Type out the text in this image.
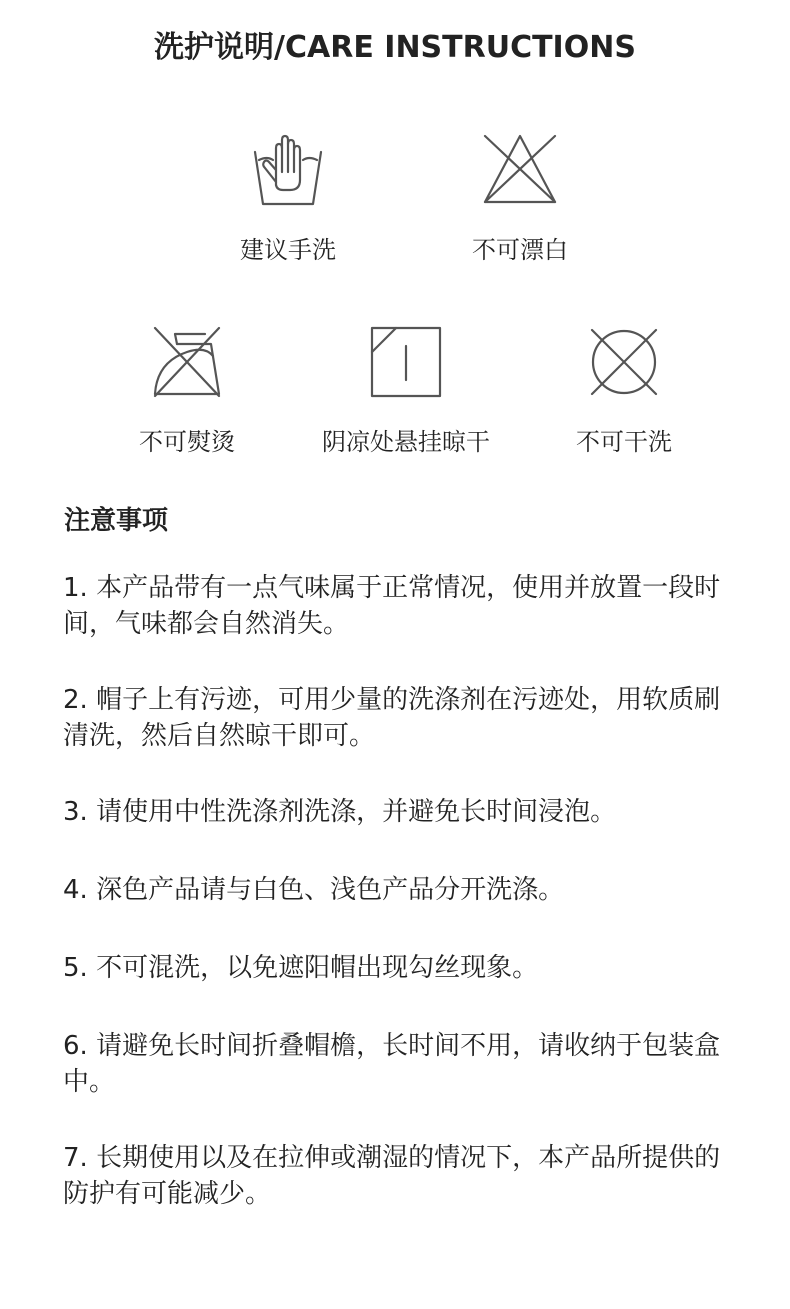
洗护说明/CARE INSTRUCTIONS
建议手洗	不可漂白
不可熨烫	阴凉处悬挂晾干	不可干洗
注意事项
1. 本产品带有一点气味属于正常情况，使用并放置一段时间，气味都会自然消失。
2. 帽子上有污迹，可用少量的洗涤剂在污迹处，用软质刷清洗，然后自然晾干即可。
3. 请使用中性洗涤剂洗涤，并避免长时间浸泡。
4. 深色产品请与白色、浅色产品分开洗涤。
5. 不可混洗，以免遮阳帽出现勾丝现象。
6. 请避免长时间折叠帽檐，长时间不用，请收纳于包装盒中。
7. 长期使用以及在拉伸或潮湿的情况下，本产品所提供的防护有可能减少。
